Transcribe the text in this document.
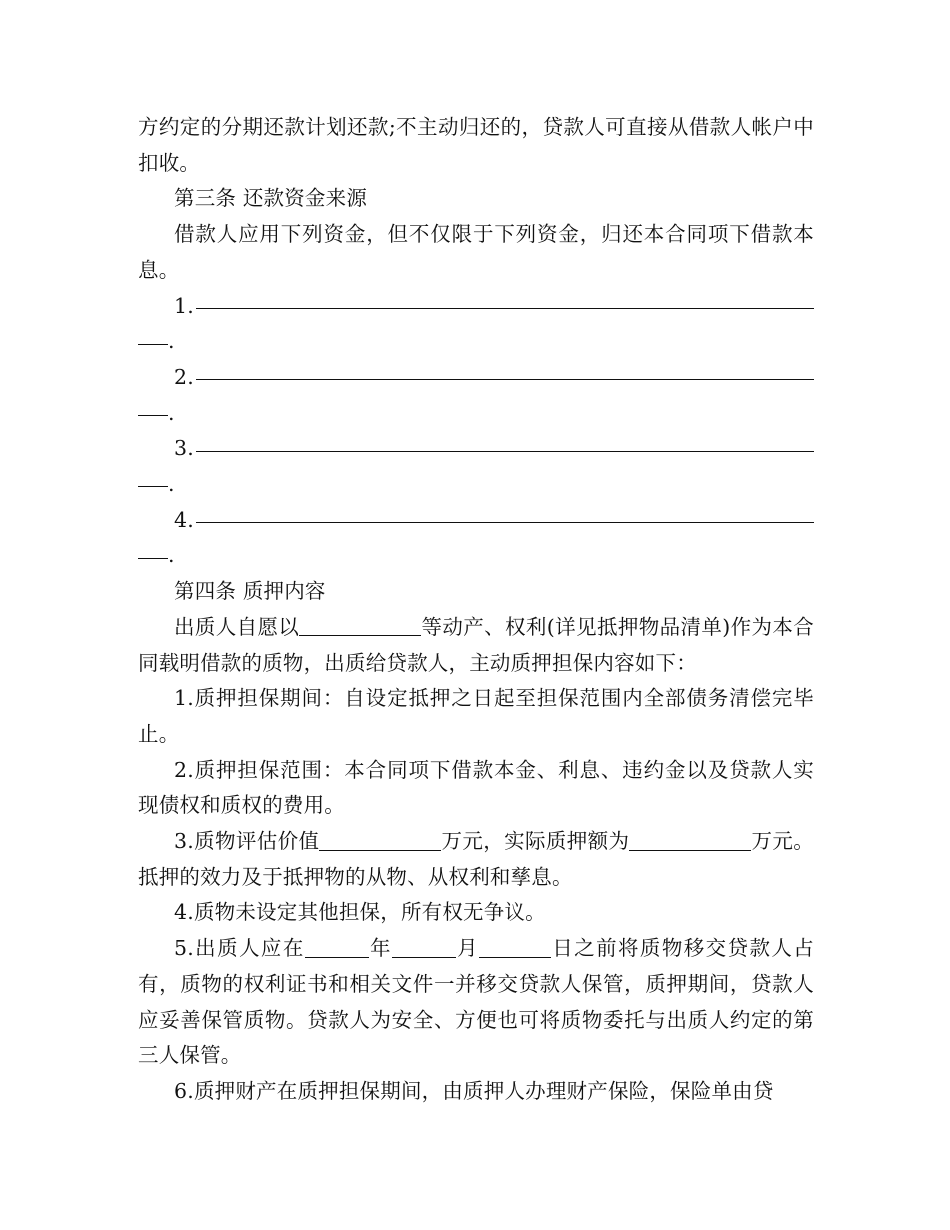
方约定的分期还款计划还款;不主动归还的，贷款人可直接从借款人帐户中扣收。

第三条 还款资金来源

借款人应用下列资金，但不仅限于下列资金，归还本合同项下借款本息。

1.
.
2.
.
3.
.
4.
.

第四条 质押内容

出质人自愿以	等动产、权利(详见抵押物品清单)作为本合同载明借款的质物，出质给贷款人，主动质押担保内容如下：

1.质押担保期间：自设定抵押之日起至担保范围内全部债务清偿完毕止。

2.质押担保范围：本合同项下借款本金、利息、违约金以及贷款人实现债权和质权的费用。

3.质物评估价值	万元，实际质押额为	万元。抵押的效力及于抵押物的从物、从权利和孳息。

4.质物未设定其他担保，所有权无争议。

5.出质人应在	年	月	日之前将质物移交贷款人占有，质物的权利证书和相关文件一并移交贷款人保管，质押期间，贷款人应妥善保管质物。贷款人为安全、方便也可将质物委托与出质人约定的第三人保管。

6.质押财产在质押担保期间，由质押人办理财产保险，保险单由贷
